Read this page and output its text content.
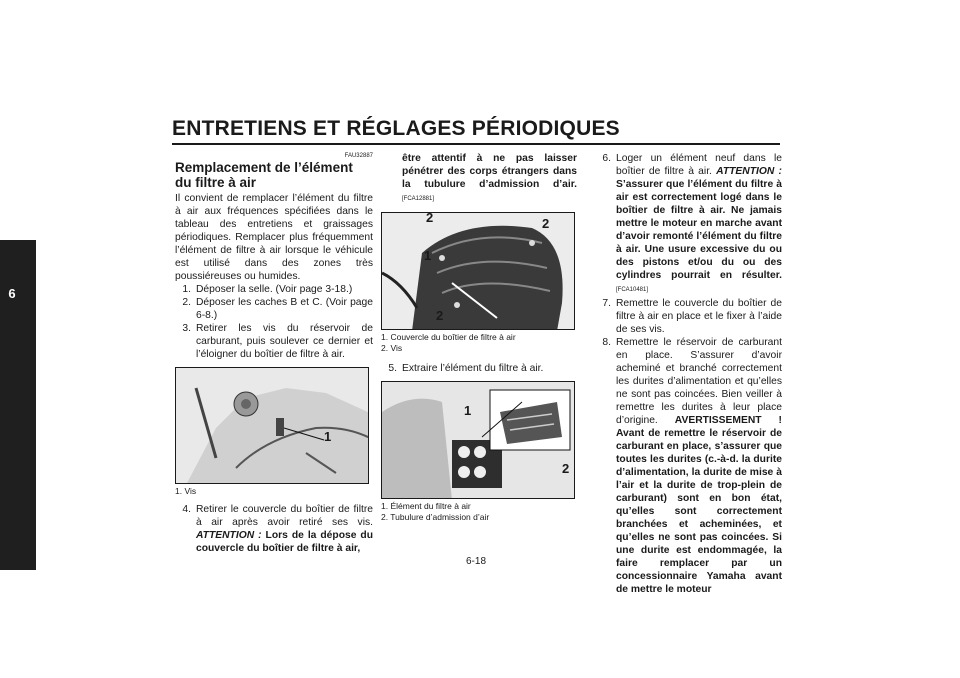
ENTRETIENS ET RÉGLAGES PÉRIODIQUES
6
FAU32887
Remplacement de l’élément du filtre à air

Il convient de remplacer l’élément du filtre à air aux fréquences spécifiées dans le tableau des entretiens et graissages périodiques. Remplacer plus fréquemment l’élément de filtre à air lorsque le véhicule est utilisé dans des zones très poussiéreuses ou humides.

1. Déposer la selle. (Voir page 3-18.)
2. Déposer les caches B et C. (Voir page 6-8.)
3. Retirer les vis du réservoir de carburant, puis soulever ce dernier et l’éloigner du boîtier de filtre à air.
1
1. Vis
4. Retirer le couvercle du boîtier de filtre à air après avoir retiré ses vis. ATTENTION : Lors de la dépose du couvercle du boîtier de filtre à air,
être attentif à ne pas laisser pénétrer des corps étrangers dans la tubulure d’admission d’air. [FCA12881]
2	2
1
2
1. Couvercle du boîtier de filtre à air
2. Vis
5. Extraire l’élément du filtre à air.
1
2
1. Élément du filtre à air
2. Tubulure d’admission d’air
6. Loger un élément neuf dans le boîtier de filtre à air. ATTENTION : S’assurer que l’élément du filtre à air est correctement logé dans le boîtier de filtre à air. Ne jamais mettre le moteur en marche avant d’avoir remonté l’élément du filtre à air. Une usure excessive du ou des pistons et/ou du ou des cylindres pourrait en résulter. [FCA10481]
7. Remettre le couvercle du boîtier de filtre à air en place et le fixer à l’aide de ses vis.
8. Remettre le réservoir de carburant en place. S’assurer d’avoir acheminé et branché correctement les durites d’alimentation et qu’elles ne sont pas coincées. Bien veiller à remettre les durites à leur place d’origine. AVERTISSEMENT ! Avant de remettre le réservoir de carburant en place, s’assurer que toutes les durites (c.-à-d. la durite d’alimentation, la durite de mise à l’air et la durite de trop-plein de carburant) sont en bon état, qu’elles sont correctement branchées et acheminées, et qu’elles ne sont pas coincées. Si une durite est endommagée, la faire remplacer par un concessionnaire Yamaha avant de mettre le moteur
6-18
